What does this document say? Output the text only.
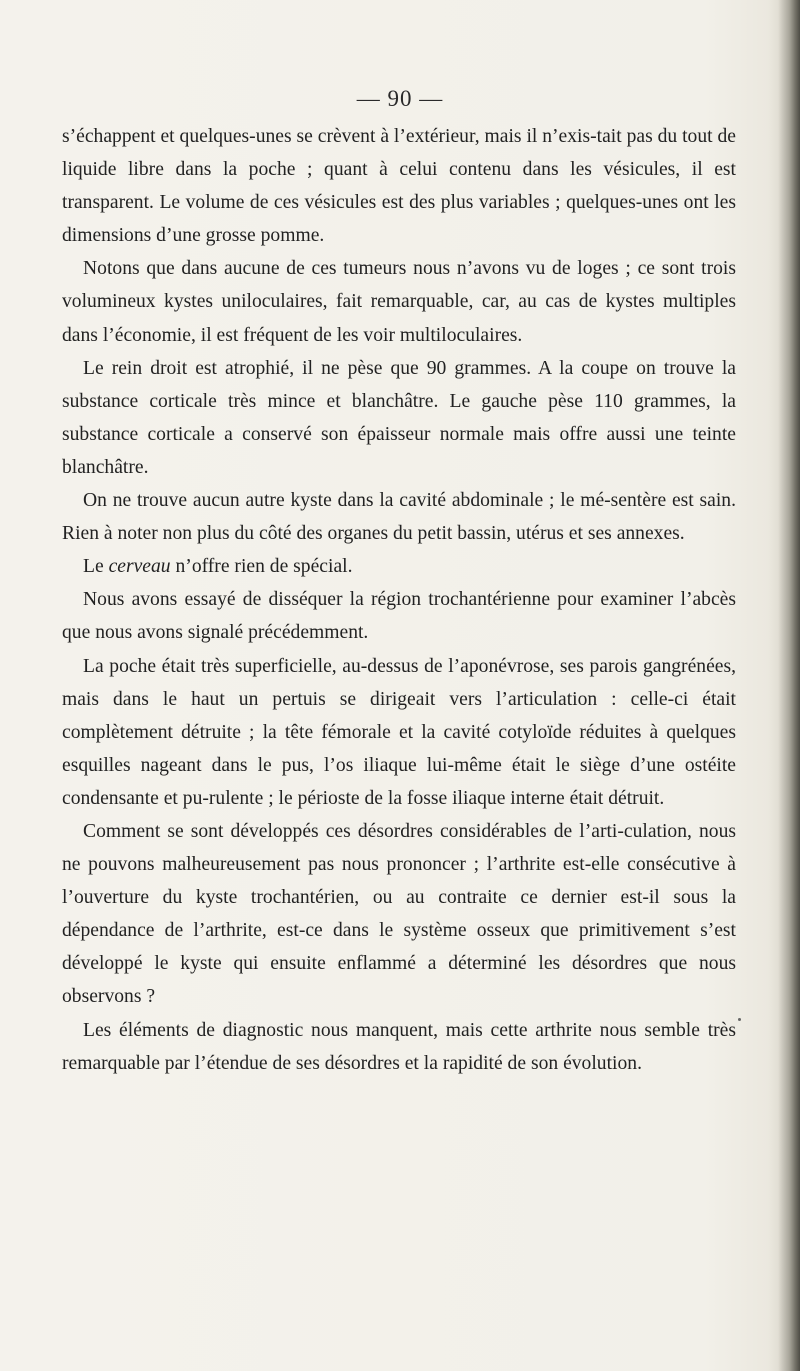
— 90 —

s’échappent et quelques-unes se crèvent à l’extérieur, mais il n’exis-tait pas du tout de liquide libre dans la poche ; quant à celui contenu dans les vésicules, il est transparent. Le volume de ces vésicules est des plus variables ; quelques-unes ont les dimensions d’une grosse pomme.

Notons que dans aucune de ces tumeurs nous n’avons vu de loges ; ce sont trois volumineux kystes uniloculaires, fait remarquable, car, au cas de kystes multiples dans l’économie, il est fréquent de les voir multiloculaires.

Le rein droit est atrophié, il ne pèse que 90 grammes. A la coupe on trouve la substance corticale très mince et blanchâtre. Le gauche pèse 110 grammes, la substance corticale a conservé son épaisseur normale mais offre aussi une teinte blanchâtre.

On ne trouve aucun autre kyste dans la cavité abdominale ; le mé-sentère est sain. Rien à noter non plus du côté des organes du petit bassin, utérus et ses annexes.

Le cerveau n’offre rien de spécial.

Nous avons essayé de disséquer la région trochantérienne pour examiner l’abcès que nous avons signalé précédemment.

La poche était très superficielle, au-dessus de l’aponévrose, ses parois gangrénées, mais dans le haut un pertuis se dirigeait vers l’articulation : celle-ci était complètement détruite ; la tête fémorale et la cavité cotyloïde réduites à quelques esquilles nageant dans le pus, l’os iliaque lui-même était le siège d’une ostéite condensante et pu-rulente ; le périoste de la fosse iliaque interne était détruit.

Comment se sont développés ces désordres considérables de l’arti-culation, nous ne pouvons malheureusement pas nous prononcer ; l’arthrite est-elle consécutive à l’ouverture du kyste trochantérien, ou au contraite ce dernier est-il sous la dépendance de l’arthrite, est-ce dans le système osseux que primitivement s’est développé le kyste qui ensuite enflammé a déterminé les désordres que nous observons ?

Les éléments de diagnostic nous manquent, mais cette arthrite nous semble très remarquable par l’étendue de ses désordres et la rapidité de son évolution.
